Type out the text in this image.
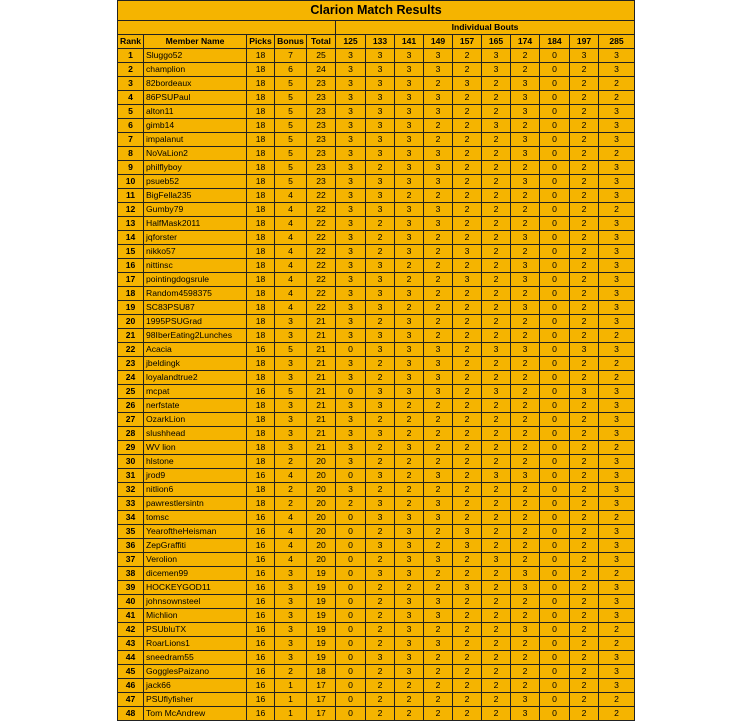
Clarion Match Results														
					Individual Bouts									
Rank	Member Name	Picks	Bonus	Total	125	133	141	149	157	165	174	184	197	285
1	Sluggo52	18	7	25	3	3	3	3	2	3	2	0	3	3
2	champlion	18	6	24	3	3	3	3	2	3	2	0	2	3
3	82bordeaux	18	5	23	3	3	3	2	3	2	3	0	2	2
4	86PSUPaul	18	5	23	3	3	3	3	2	2	3	0	2	2
5	alton11	18	5	23	3	3	3	3	2	2	3	0	2	3
6	gimb14	18	5	23	3	3	3	2	2	3	2	0	2	3
7	impalanut	18	5	23	3	3	3	2	2	2	3	0	2	3
8	NoVaLion2	18	5	23	3	3	3	3	2	2	3	0	2	2
9	philflyboy	18	5	23	3	2	3	3	2	2	2	0	2	3
10	psueb52	18	5	23	3	3	3	3	2	2	3	0	2	3
11	BigFella235	18	4	22	3	3	2	2	2	2	2	0	2	3
12	Gumby79	18	4	22	3	3	3	3	2	2	2	0	2	2
13	HalfMask2011	18	4	22	3	2	3	3	2	2	2	0	2	3
14	jqforster	18	4	22	3	2	3	2	2	2	3	0	2	3
15	nikko57	18	4	22	3	2	3	2	3	2	2	0	2	3
16	nittinsc	18	4	22	3	3	2	2	2	2	3	0	2	3
17	pointingdogsrule	18	4	22	3	3	2	2	3	2	3	0	2	3
18	Random4598375	18	4	22	3	3	3	2	2	2	2	0	2	3
19	SC83PSU87	18	4	22	3	3	2	2	2	2	3	0	2	3
20	1995PSUGrad	18	3	21	3	2	3	2	2	2	2	0	2	3
21	98IberEating2Lunches	18	3	21	3	3	3	2	2	2	2	0	2	2
22	Acacia	16	5	21	0	3	3	3	2	3	3	0	3	3
23	jbeldingk	18	3	21	3	2	3	3	2	2	2	0	2	2
24	loyalandtrue2	18	3	21	3	2	3	3	2	2	2	0	2	2
25	mcpat	16	5	21	0	3	3	3	2	3	2	0	3	3
26	nerfstate	18	3	21	3	3	2	2	2	2	2	0	2	3
27	OzarkLion	18	3	21	3	2	2	2	2	2	2	0	2	3
28	slushhead	18	3	21	3	3	2	2	2	2	2	0	2	3
29	WV lion	18	3	21	3	2	3	2	2	2	2	0	2	2
30	hlstone	18	2	20	3	2	2	2	2	2	2	0	2	3
31	jrod9	16	4	20	0	3	2	3	2	3	3	0	2	3
32	nitlion6	18	2	20	3	2	2	2	2	2	2	0	2	3
33	pawrestlersintn	18	2	20	2	3	2	3	2	2	2	0	2	3
34	tomsc	16	4	20	0	3	3	3	2	2	2	0	2	2
35	YearoftheHeisman	16	4	20	0	2	3	2	3	2	2	0	2	3
36	ZepGraffiti	16	4	20	0	3	3	2	3	2	2	0	2	3
37	Verolion	16	4	20	0	2	3	3	2	3	2	0	2	3
38	dicemen99	16	3	19	0	3	3	2	2	2	3	0	2	2
39	HOCKEYGOD11	16	3	19	0	2	2	2	3	2	3	0	2	3
40	johnsownsteel	16	3	19	0	2	3	3	2	2	2	0	2	3
41	Michlion	16	3	19	0	2	3	3	2	2	2	0	2	3
42	PSUbluTX	16	3	19	0	2	3	2	2	2	3	0	2	2
43	RoarLions1	16	3	19	0	2	3	3	2	2	2	0	2	2
44	sneedram55	16	3	19	0	3	3	2	2	2	2	0	2	3
45	GogglesPaizano	16	2	18	0	2	3	2	2	2	2	0	2	3
46	jack66	16	1	17	0	2	2	2	2	2	2	0	2	3
47	PSUflyfisher	16	1	17	0	2	2	2	2	2	3	0	2	2
48	Tom McAndrew	16	1	17	0	2	2	2	2	2	3	0	2	2
